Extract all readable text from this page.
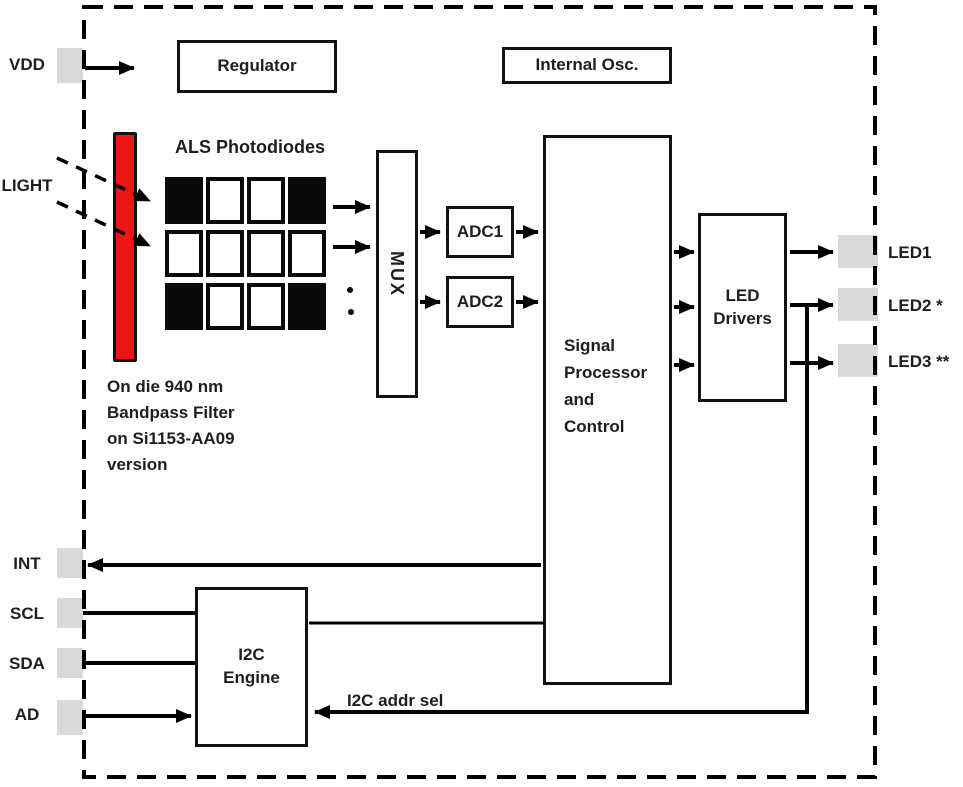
VDD
LIGHT
INT
SCL
SDA
AD
LED1
LED2 *
LED3 **
Regulator	Internal Osc.
MUX
ADC1
ADC2
Signal
Processor
and
Control
LED
Drivers
I2C
Engine
ALS Photodiodes
On die 940 nm
Bandpass Filter
on Si1153-AA09
version
I2C addr sel
